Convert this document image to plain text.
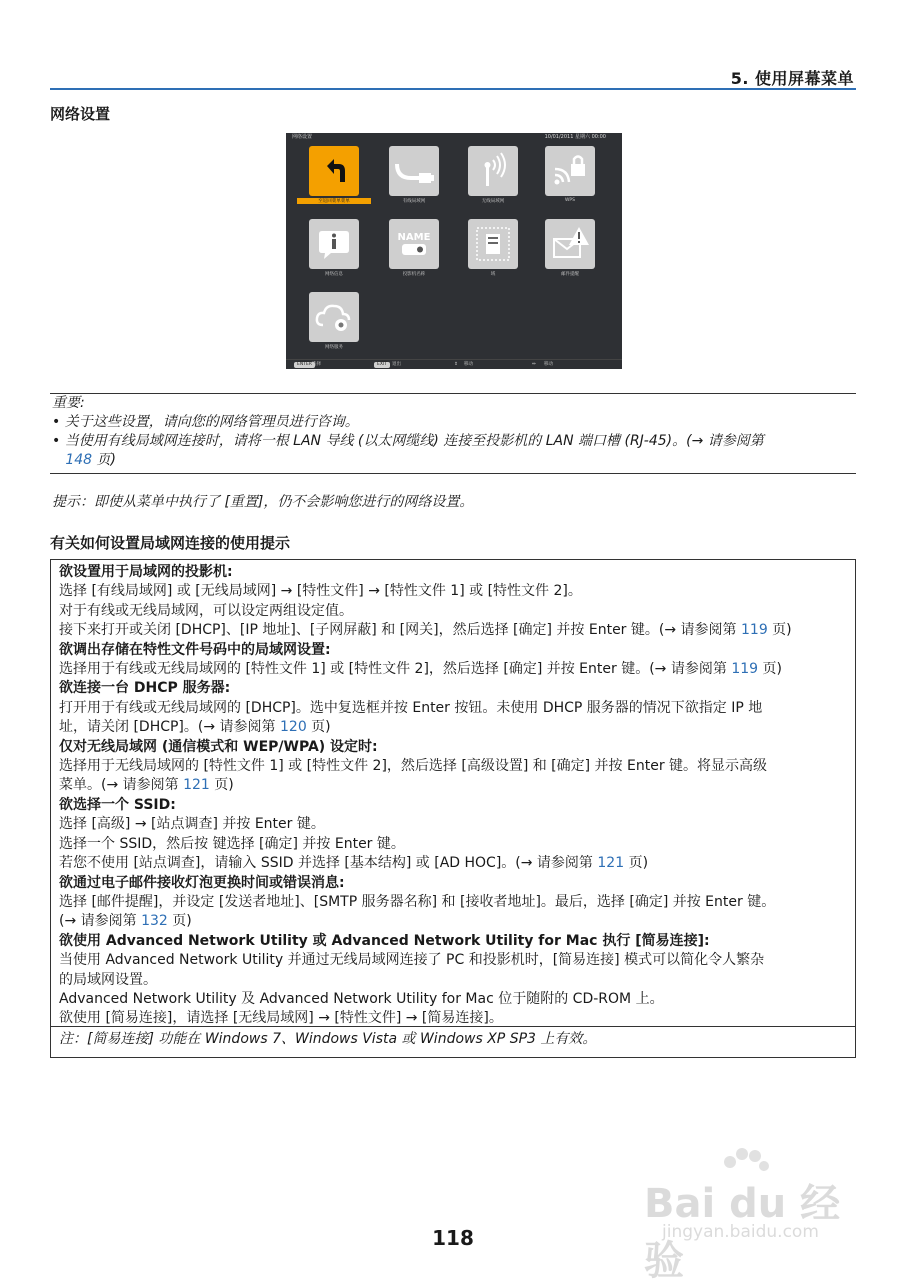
5. 使用屏幕菜单
网络设置
网络设置	10/01/2011 星期六 00:00
至返回菜单菜单	有线局域网	无线局域网	WPS
网络信息
NAME
投影机名称	域	邮件提醒
网络服务
ENTER 选择	EXIT	退出	⇕ 移动	⇔ 移动
重要:
• 关于这些设置，请向您的网络管理员进行咨询。
• 当使用有线局域网连接时，请将一根 LAN 导线 (以太网缆线) 连接至投影机的 LAN 端口槽 (RJ-45)。(→ 请参阅第
148 页)
提示：即使从菜单中执行了 [重置]，仍不会影响您进行的网络设置。
有关如何设置局域网连接的使用提示
欲设置用于局域网的投影机:
选择 [有线局域网] 或 [无线局域网] → [特性文件] → [特性文件 1] 或 [特性文件 2]。
对于有线或无线局域网，可以设定两组设定值。
接下来打开或关闭 [DHCP]、[IP 地址]、[子网屏蔽] 和 [网关]，然后选择 [确定] 并按 Enter 键。(→ 请参阅第 119 页)
欲调出存储在特性文件号码中的局域网设置:
选择用于有线或无线局域网的 [特性文件 1] 或 [特性文件 2]，然后选择 [确定] 并按 Enter 键。(→ 请参阅第 119 页)
欲连接一台 DHCP 服务器:
打开用于有线或无线局域网的 [DHCP]。选中复选框并按 Enter 按钮。未使用 DHCP 服务器的情况下欲指定 IP 地
址，请关闭 [DHCP]。(→ 请参阅第 120 页)
仅对无线局域网 (通信模式和 WEP/WPA) 设定时:
选择用于无线局域网的 [特性文件 1] 或 [特性文件 2]，然后选择 [高级设置] 和 [确定] 并按 Enter 键。将显示高级
菜单。(→ 请参阅第 121 页)
欲选择一个 SSID:
选择 [高级] → [站点调查] 并按 Enter 键。
选择一个 SSID，然后按 键选择 [确定] 并按 Enter 键。
若您不使用 [站点调查]，请输入 SSID 并选择 [基本结构] 或 [AD HOC]。(→ 请参阅第 121 页)
欲通过电子邮件接收灯泡更换时间或错误消息:
选择 [邮件提醒]，并设定 [发送者地址]、[SMTP 服务器名称] 和 [接收者地址]。最后，选择 [确定] 并按 Enter 键。
(→ 请参阅第 132 页)
欲使用 Advanced Network Utility 或 Advanced Network Utility for Mac 执行 [简易连接]:
当使用 Advanced Network Utility 并通过无线局域网连接了 PC 和投影机时，[简易连接] 模式可以简化令人繁杂
的局域网设置。
Advanced Network Utility 及 Advanced Network Utility for Mac 位于随附的 CD-ROM 上。
欲使用 [简易连接]，请选择 [无线局域网] → [特性文件] → [简易连接]。
注：[简易连接] 功能在 Windows 7、Windows Vista 或 Windows XP SP3 上有效。
118
Bai du 经验
jingyan.baidu.com
